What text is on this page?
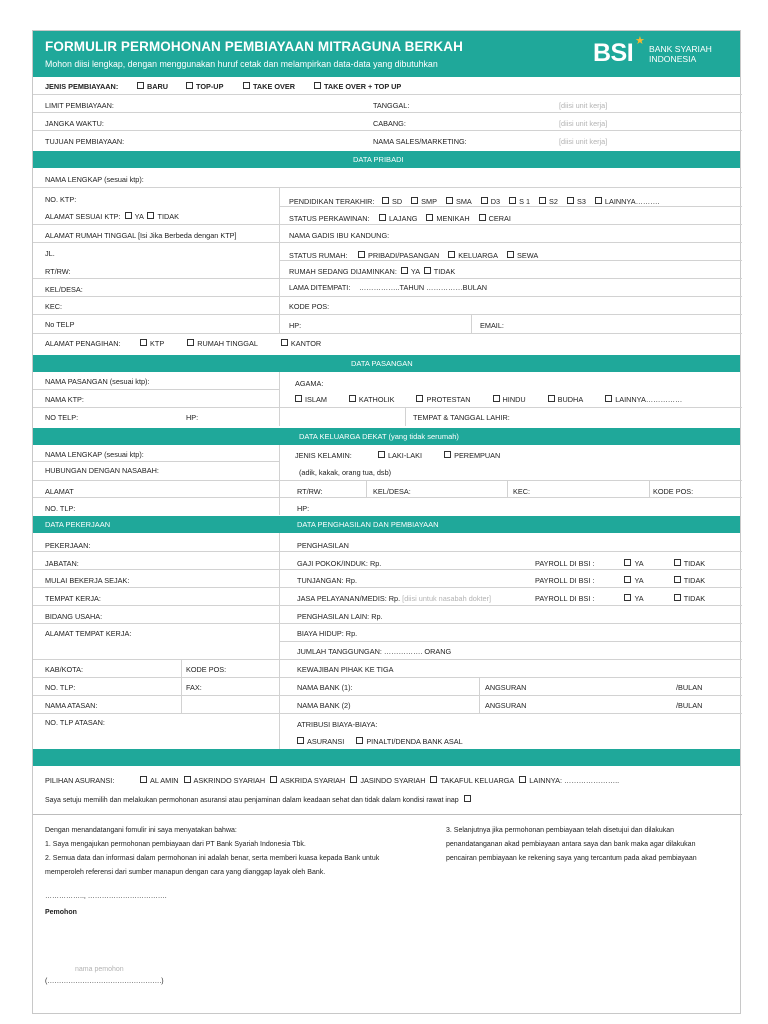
FORMULIR PERMOHONAN PEMBIAYAAN MITRAGUNA BERKAH
Mohon diisi lengkap, dengan menggunakan huruf cetak dan melampirkan data-data yang dibutuhkan	BSI ★
BANK SYARIAH
INDONESIA
JENIS PEMBIAYAAN:	BARU	TOP-UP	TAKE OVER	TAKE OVER + TOP UP
LIMIT PEMBIAYAAN:	TANGGAL:	[diisi unit kerja]
JANGKA WAKTU:	CABANG:	[diisi unit kerja]
TUJUAN PEMBIAYAAN:	NAMA SALES/MARKETING:	[diisi unit kerja]
DATA PRIBADI
NAMA LENGKAP (sesuai ktp):
NO. KTP:	PENDIDIKAN TERAKHIR:	SD	SMP	SMA	D3	S 1	S2	S3	LAINNYA……….
ALAMAT SESUAI KTP: YA TIDAK	STATUS PERKAWINAN:	LAJANG	MENIKAH	CERAI
ALAMAT RUMAH TINGGAL [Isi Jika Berbeda dengan KTP]	NAMA GADIS IBU KANDUNG:
JL.	STATUS RUMAH:	PRIBADI/PASANGAN	KELUARGA	SEWA
RT/RW:	RUMAH SEDANG DIJAMINKAN: YA TIDAK
KEL/DESA:	LAMA DITEMPATI: ……………..TAHUN ……………BULAN
KEC:	KODE POS:
No TELP	HP:	EMAIL:
ALAMAT PENAGIHAN:	KTP	RUMAH TINGGAL	KANTOR
DATA PASANGAN
NAMA PASANGAN (sesuai ktp):	AGAMA:
NAMA KTP:	ISLAM	KATHOLIK	PROTESTAN	HINDU	BUDHA	LAINNYA……………
NO TELP:	HP:	TEMPAT & TANGGAL LAHIR:
DATA KELUARGA DEKAT (yang tidak serumah)
NAMA LENGKAP (sesuai ktp):	JENIS KELAMIN:	LAKI-LAKI	PEREMPUAN
HUBUNGAN DENGAN NASABAH:	(adik, kakak, orang tua, dsb)
ALAMAT	RT/RW:	KEL/DESA:	KEC:	KODE POS:
NO. TLP:	HP:
DATA PEKERJAAN	DATA PENGHASILAN DAN PEMBIAYAAN
PEKERJAAN:	PENGHASILAN
JABATAN:	GAJI POKOK/INDUK: Rp.	PAYROLL DI BSI :	YA	TIDAK
MULAI BEKERJA SEJAK:	TUNJANGAN: Rp.	PAYROLL DI BSI :	YA	TIDAK
TEMPAT KERJA:	JASA PELAYANAN/MEDIS: Rp. [diisi untuk nasabah dokter]	PAYROLL DI BSI :	YA	TIDAK
BIDANG USAHA:	PENGHASILAN LAIN: Rp.
ALAMAT TEMPAT KERJA:	BIAYA HIDUP: Rp.
JUMLAH TANGGUNGAN: ……………. ORANG
KAB/KOTA:	KODE POS:	KEWAJIBAN PIHAK KE TIGA
NO. TLP:	FAX:	NAMA BANK (1):	ANGSURAN	/BULAN
NAMA ATASAN:	NAMA BANK (2)	ANGSURAN	/BULAN
NO. TLP ATASAN:	ATRIBUSI BIAYA-BIAYA:
ASURANSI	PINALTI/DENDA BANK ASAL
PILIHAN ASURANSI:	AL AMIN ASKRINDO SYARIAH ASKRIDA SYARIAH JASINDO SYARIAH TAKAFUL KELUARGA LAINNYA: …………………..
Saya setuju memilih dan melakukan permohonan asuransi atau penjaminan dalam keadaan sehat dan tidak dalam kondisi rawat inap
Dengan menandatangani fomulir ini saya menyatakan bahwa:
1. Saya mengajukan permohonan pembiayaan dari PT Bank Syariah Indonesia Tbk.
2. Semua data dan informasi dalam permohonan ini adalah benar, serta memberi kuasa kepada Bank untuk
memperoleh referensi dari sumber manapun dengan cara yang dianggap layak oleh Bank.
3. Selanjutnya jika permohonan pembiayaan telah disetujui dan dilakukan
penandatanganan akad pembiayaan antara saya dan bank maka agar dilakukan
pencairan pembiayaan ke rekening saya yang tercantum pada akad pembiayaan
…………….., …………………………….
Pemohon
nama pemohon
(………………………………………….)
